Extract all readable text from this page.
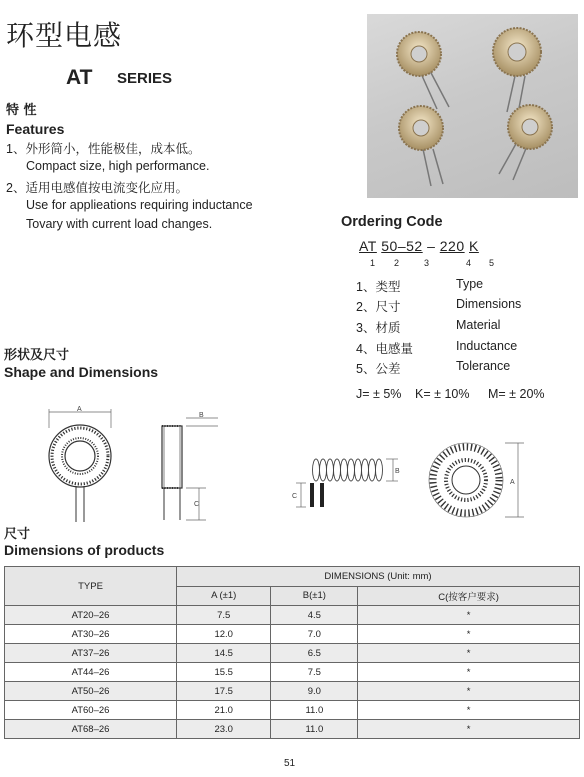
环型电感
AT SERIES
特 性
Features
1、外形简小，性能极佳，成本低。
Compact size, high performance.
2、适用电感值按电流变化应用。
Use for applieations requiring inductance
Tovary with current load changes.	Ordering Code
AT 50–52 – 220 K
1 2	3	4 5
1、类型	Type
2、尺寸	Dimensions
3、材质	Material
4、电感量	Inductance
5、公差	Tolerance
J= ± 5% K= ± 10% M= ± 20%
形状及尺寸
Shape and Dimensions
A
B
C
C
B
A
尺寸
Dimensions of products
TYPE	DIMENSIONS (Unit: mm)		
	A (±1)	B(±1)	C(按客户要求)
AT20–26	7.5	4.5	*
AT30–26	12.0	7.0	*
AT37–26	14.5	6.5	*
AT44–26	15.5	7.5	*
AT50–26	17.5	9.0	*
AT60–26	21.0	11.0	*
AT68–26	23.0	11.0	*
51
